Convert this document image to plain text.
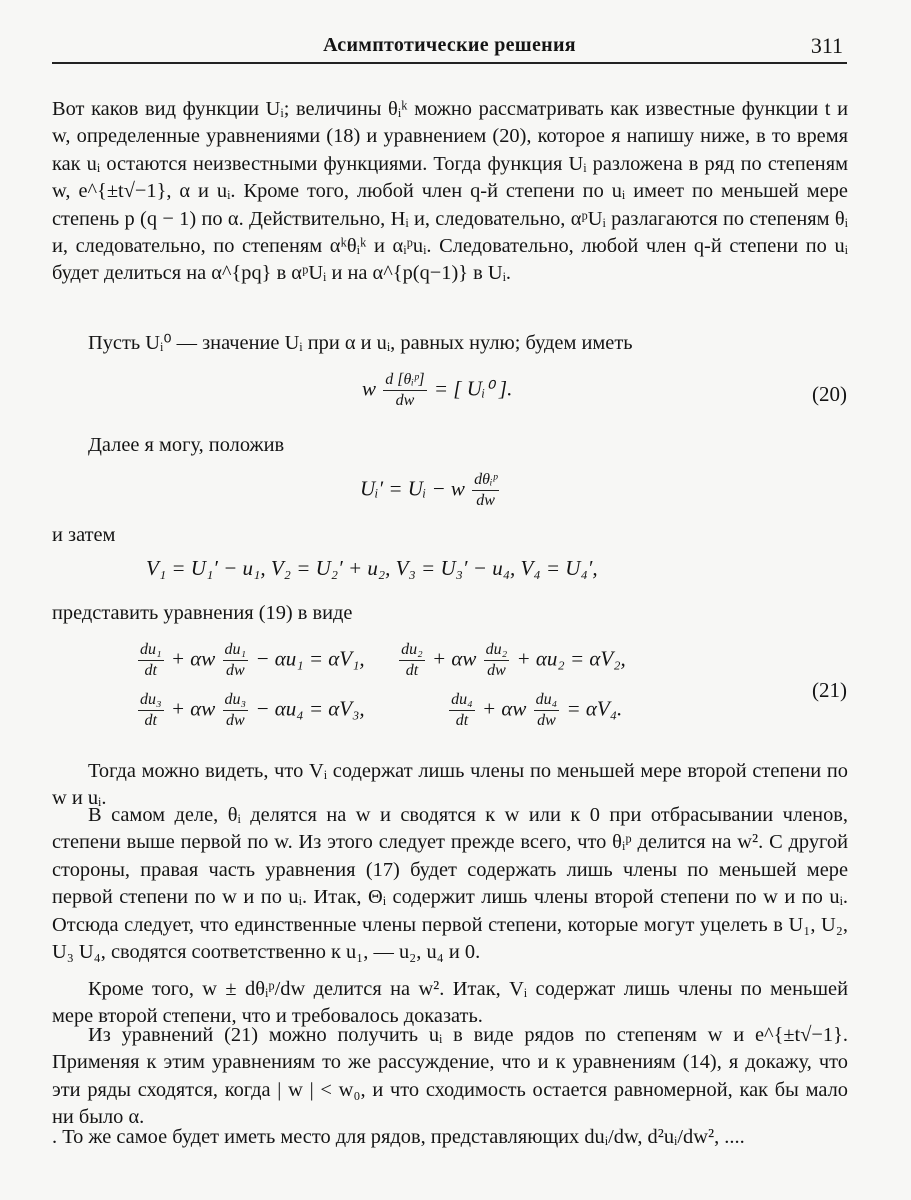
Асимптотические решения	311
Вот каков вид функции Uᵢ; величины θᵢᵏ можно рассматривать как известные функции t и w, определенные уравнениями (18) и уравнением (20), которое я напишу ниже, в то время как uᵢ остаются неизвестными функциями. Тогда функция Uᵢ разложена в ряд по степеням w, e^{±t√−1}, α и uᵢ. Кроме того, любой член q-й степени по uᵢ имеет по меньшей мере степень p (q − 1) по α. Действительно, Hᵢ и, следовательно, αᵖUᵢ разлагаются по степеням θᵢ и, следовательно, по степеням αᵏθᵢᵏ и αᵢᵖuᵢ. Следовательно, любой член q-й степени по uᵢ будет делиться на α^{pq} в αᵖUᵢ и на α^{p(q−1)} в Uᵢ.
Пусть Uᵢ⁰ — значение Uᵢ при α и uᵢ, равных нулю; будем иметь
w $\frac{\text{d [θᵢᵖ]}}{dw}$ = [ Uᵢ⁰ ].	(20)
Далее я могу, положив
Uᵢ′ = Uᵢ − w $\frac{\text{dθᵢᵖ}}{dw}$
и затем
V₁ = U₁′ − u₁, V₂ = U₂′ + u₂, V₃ = U₃′ − u₄, V₄ = U₄′,
представить уравнения (19) в виде
$\frac{\text{du₁}}{dt} + \alpha w \frac{\text{du₁}}{dw} - \alpha u_1 = \alpha V_1$, $\frac{\text{du₂}}{dt} + \alpha w \frac{\text{du₂}}{dw} + \alpha u_2 = \alpha V_2$,
$\frac{\text{du₃}}{dt} + \alpha w \frac{\text{du₃}}{dw} - \alpha u_4 = \alpha V_3$,	$\frac{\text{du₄}}{dt} + \alpha w \frac{\text{du₄}}{dw} = \alpha V_4$.
(21)
Тогда можно видеть, что Vᵢ содержат лишь члены по меньшей мере второй степени по w и uᵢ.
В самом деле, θᵢ делятся на w и сводятся к w или к 0 при отбрасывании членов, степени выше первой по w. Из этого следует прежде всего, что θᵢᵖ делится на w². С другой стороны, правая часть уравнения (17) будет содержать лишь члены по меньшей мере первой степени по w и по uᵢ. Итак, Θᵢ содержит лишь члены второй степени по w и по uᵢ. Отсюда следует, что единственные члены первой степени, которые могут уцелеть в U₁, U₂, U₃ U₄, сводятся соответственно к u₁, — u₂, u₄ и 0.
Кроме того, w ± dθᵢᵖ/dw делится на w². Итак, Vᵢ содержат лишь члены по меньшей мере второй степени, что и требовалось доказать.
Из уравнений (21) можно получить uᵢ в виде рядов по степеням w и e^{±t√−1}. Применяя к этим уравнениям то же рассуждение, что и к уравнениям (14), я докажу, что эти ряды сходятся, когда | w | < w₀, и что сходимость остается равномерной, как бы мало ни было α.
. То же самое будет иметь место для рядов, представляющих duᵢ/dw, d²uᵢ/dw², ....
